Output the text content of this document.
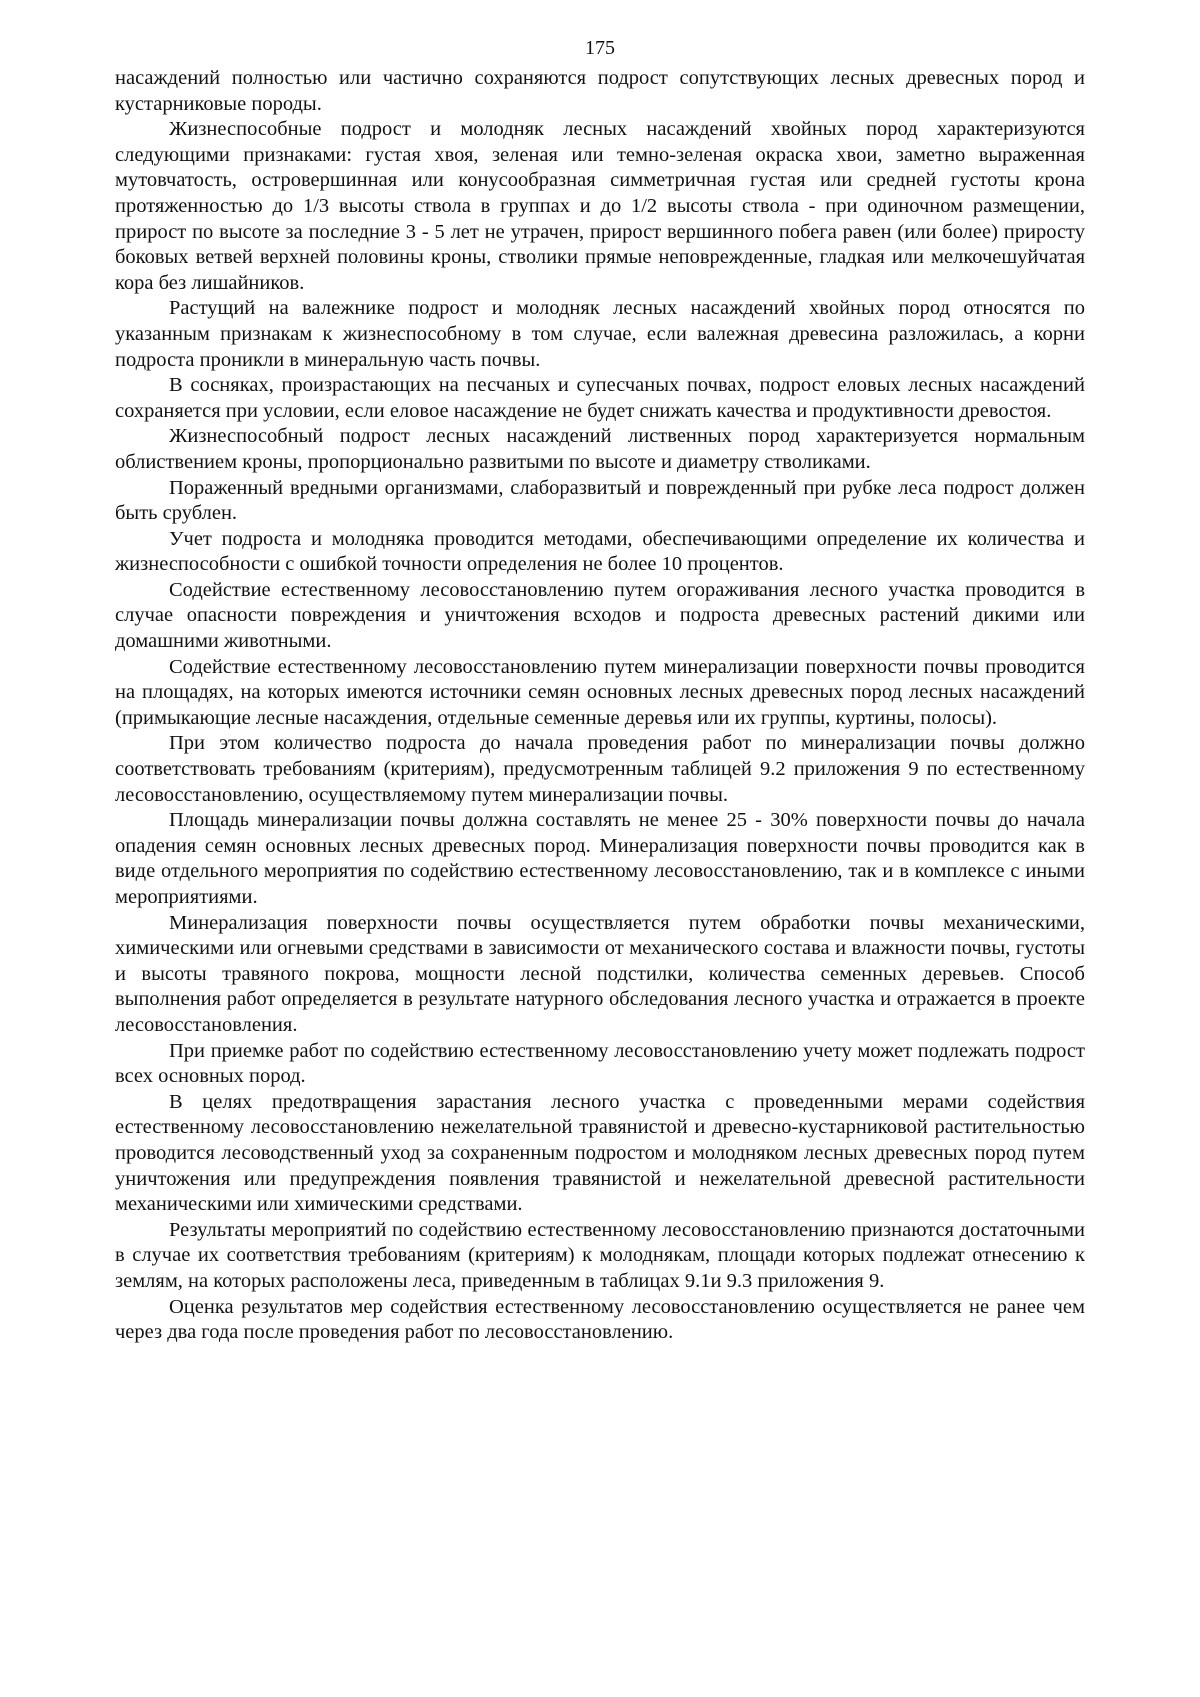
175

насаждений полностью или частично сохраняются подрост сопутствующих лесных древесных пород и кустарниковые породы.

Жизнеспособные подрост и молодняк лесных насаждений хвойных пород характеризуются следующими признаками: густая хвоя, зеленая или темно-зеленая окраска хвои, заметно выраженная мутовчатость, островершинная или конусообразная симметричная густая или средней густоты крона протяженностью до 1/3 высоты ствола в группах и до 1/2 высоты ствола - при одиночном размещении, прирост по высоте за последние 3 - 5 лет не утрачен, прирост вершинного побега равен (или более) приросту боковых ветвей верхней половины кроны, стволики прямые неповрежденные, гладкая или мелкочешуйчатая кора без лишайников.

Растущий на валежнике подрост и молодняк лесных насаждений хвойных пород относятся по указанным признакам к жизнеспособному в том случае, если валежная древесина разложилась, а корни подроста проникли в минеральную часть почвы.

В сосняках, произрастающих на песчаных и супесчаных почвах, подрост еловых лесных насаждений сохраняется при условии, если еловое насаждение не будет снижать качества и продуктивности древостоя.

Жизнеспособный подрост лесных насаждений лиственных пород характеризуется нормальным облиствением кроны, пропорционально развитыми по высоте и диаметру стволиками.

Пораженный вредными организмами, слаборазвитый и поврежденный при рубке леса подрост должен быть срублен.

Учет подроста и молодняка проводится методами, обеспечивающими определение их количества и жизнеспособности с ошибкой точности определения не более 10 процентов.

Содействие естественному лесовосстановлению путем огораживания лесного участка проводится в случае опасности повреждения и уничтожения всходов и подроста древесных растений дикими или домашними животными.

Содействие естественному лесовосстановлению путем минерализации поверхности почвы проводится на площадях, на которых имеются источники семян основных лесных древесных пород лесных насаждений (примыкающие лесные насаждения, отдельные семенные деревья или их группы, куртины, полосы).

При этом количество подроста до начала проведения работ по минерализации почвы должно соответствовать требованиям (критериям), предусмотренным таблицей 9.2 приложения 9 по естественному лесовосстановлению, осуществляемому путем минерализации почвы.

Площадь минерализации почвы должна составлять не менее 25 - 30% поверхности почвы до начала опадения семян основных лесных древесных пород. Минерализация поверхности почвы проводится как в виде отдельного мероприятия по содействию естественному лесовосстановлению, так и в комплексе с иными мероприятиями.

Минерализация поверхности почвы осуществляется путем обработки почвы механическими, химическими или огневыми средствами в зависимости от механического состава и влажности почвы, густоты и высоты травяного покрова, мощности лесной подстилки, количества семенных деревьев. Способ выполнения работ определяется в результате натурного обследования лесного участка и отражается в проекте лесовосстановления.

При приемке работ по содействию естественному лесовосстановлению учету может подлежать подрост всех основных пород.

В целях предотвращения зарастания лесного участка с проведенными мерами содействия естественному лесовосстановлению нежелательной травянистой и древесно-кустарниковой растительностью проводится лесоводственный уход за сохраненным подростом и молодняком лесных древесных пород путем уничтожения или предупреждения появления травянистой и нежелательной древесной растительности механическими или химическими средствами.

Результаты мероприятий по содействию естественному лесовосстановлению признаются достаточными в случае их соответствия требованиям (критериям) к молоднякам, площади которых подлежат отнесению к землям, на которых расположены леса, приведенным в таблицах 9.1и 9.3 приложения 9.

Оценка результатов мер содействия естественному лесовосстановлению осуществляется не ранее чем через два года после проведения работ по лесовосстановлению.
